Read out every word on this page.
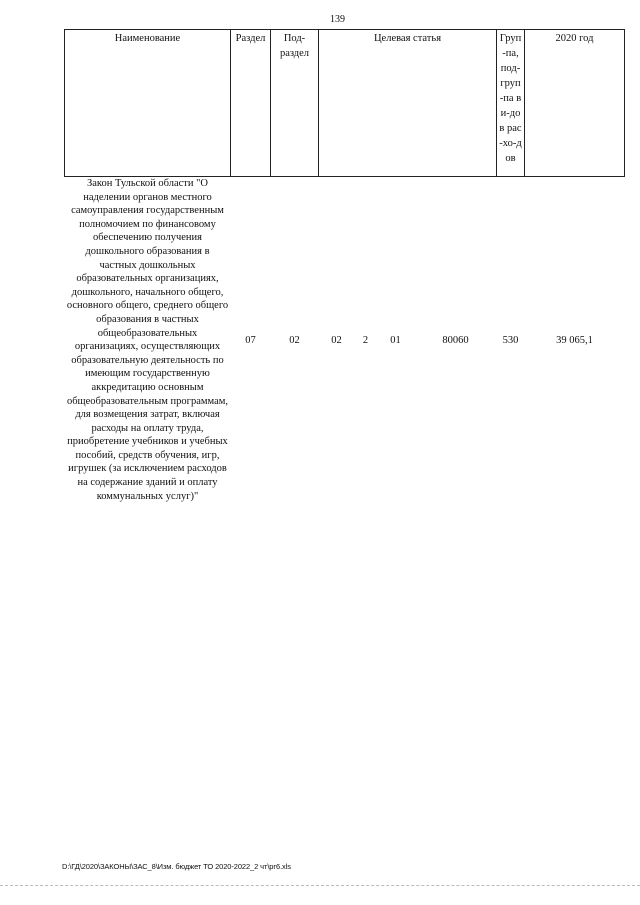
139
Наименование	Раздел	Под-раздел	Целевая статья				Груп-па, под-груп-па ви-дов рас-хо-дов	2020 год
Закон Тульской области "О наделении органов местного самоуправления государственным полномочием по финансовому обеспечению получения дошкольного образования в частных дошкольных образовательных организациях, дошкольного, начального общего, основного общего, среднего общего образования в частных общеобразовательных организациях, осуществляющих образовательную деятельность по имеющим государственную аккредитацию основным общеобразовательным программам, для возмещения затрат, включая расходы на оплату труда, приобретение учебников и учебных пособий, средств обучения, игр, игрушек (за исключением расходов на содержание зданий и оплату коммунальных услуг)"	07	02	02	2	01	80060	530	39 065,1
D:\ГД\2020\ЗАКОНЫ\ЗАС_8\Изм. бюджет ТО 2020-2022_2 чт\рг6.xls
